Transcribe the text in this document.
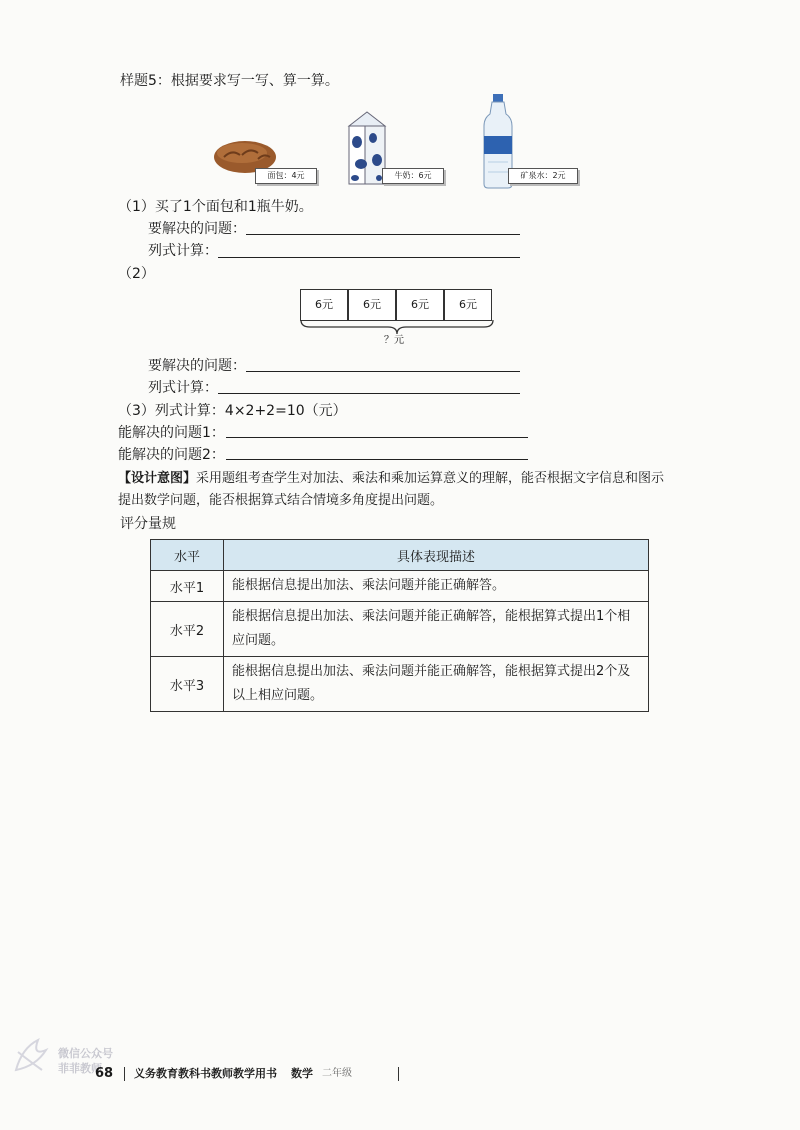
样题5：根据要求写一写、算一算。
面包：4元	牛奶：6元	矿泉水：2元
（1）买了1个面包和1瓶牛奶。
要解决的问题：
列式计算：
（2）
6元	6元	6元	6元
？元
要解决的问题：
列式计算：
（3）列式计算：4×2+2=10（元）
能解决的问题1：
能解决的问题2：
【设计意图】采用题组考查学生对加法、乘法和乘加运算意义的理解，能否根据文字信息和图示
提出数学问题，能否根据算式结合情境多角度提出问题。
评分量规
水平	具体表现描述
水平1	能根据信息提出加法、乘法问题并能正确解答。
水平2	能根据信息提出加法、乘法问题并能正确解答，能根据算式提出1个相应问题。
水平3	能根据信息提出加法、乘法问题并能正确解答，能根据算式提出2个及以上相应问题。
微信公众号
菲菲教师
68 义务教育教科书教师教学用书 数学 二年级
